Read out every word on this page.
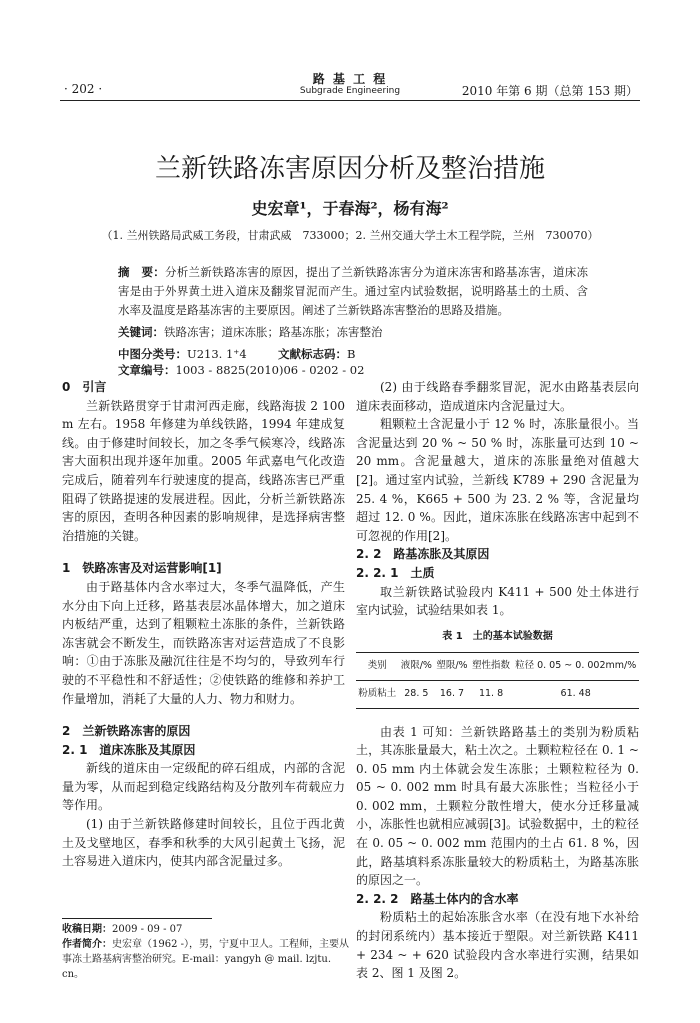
· 202 ·
路 基 工 程
Subgrade Engineering	2010 年第 6 期（总第 153 期）
兰新铁路冻害原因分析及整治措施
史宏章¹，于春海²，杨有海²
（1. 兰州铁路局武威工务段，甘肃武威　733000；2. 兰州交通大学土木工程学院，兰州　730070）
摘　要：分析兰新铁路冻害的原因，提出了兰新铁路冻害分为道床冻害和路基冻害，道床冻害是由于外界黄土进入道床及翻浆冒泥而产生。通过室内试验数据，说明路基土的土质、含水率及温度是路基冻害的主要原因。阐述了兰新铁路冻害整治的思路及措施。
关键词：铁路冻害；道床冻胀；路基冻胀；冻害整治
中图分类号：U213. 1⁺4	文献标志码：B文章编号：1003 - 8825(2010)06 - 0202 - 02
0　引言

兰新铁路贯穿于甘肃河西走廊，线路海拔 2 100 m 左右。1958 年修建为单线铁路，1994 年建成复线。由于修建时间较长，加之冬季气候寒冷，线路冻害大面积出现并逐年加重。2005 年武嘉电气化改造完成后，随着列车行驶速度的提高，线路冻害已严重阻碍了铁路提速的发展进程。因此，分析兰新铁路冻害的原因，查明各种因素的影响规律，是选择病害整治措施的关键。

1　铁路冻害及对运营影响[1]

由于路基体内含水率过大，冬季气温降低，产生水分由下向上迁移，路基表层冰晶体增大，加之道床内板结严重，达到了粗颗粒土冻胀的条件，兰新铁路冻害就会不断发生，而铁路冻害对运营造成了不良影响：①由于冻胀及融沉往往是不均匀的，导致列车行驶的不平稳性和不舒适性；②使铁路的维修和养护工作量增加，消耗了大量的人力、物力和财力。

2　兰新铁路冻害的原因
2. 1　道床冻胀及其原因

新线的道床由一定级配的碎石组成，内部的含泥量为零，从而起到稳定线路结构及分散列车荷载应力等作用。

(1) 由于兰新铁路修建时间较长，且位于西北黄土及戈壁地区，春季和秋季的大风引起黄土飞扬，泥土容易进入道床内，使其内部含泥量过多。

(2) 由于线路春季翻浆冒泥，泥水由路基表层向道床表面移动，造成道床内含泥量过大。

粗颗粒土含泥量小于 12 % 时，冻胀量很小。当含泥量达到 20 % ~ 50 % 时，冻胀量可达到 10 ~ 20 mm。含泥量越大，道床的冻胀量绝对值越大[2]。通过室内试验，兰新线 K789 + 290 含泥量为25. 4 %，K665 + 500 为 23. 2 % 等，含泥量均超过 12. 0 %。因此，道床冻胀在线路冻害中起到不可忽视的作用[2]。

2. 2　路基冻胀及其原因
2. 2. 1　土质

取兰新铁路试验段内 K411 + 500 处土体进行室内试验，试验结果如表 1。

表 1　土的基本试验数据
类别	液限/%	塑限/%	塑性指数	粒径 0. 05 ~ 0. 002mm/%
粉质粘土	28. 5	16. 7	11. 8	61. 48

由表 1 可知：兰新铁路路基土的类别为粉质粘土，其冻胀量最大，粘土次之。土颗粒粒径在 0. 1 ~ 0. 05 mm 内土体就会发生冻胀；土颗粒粒径为 0. 05 ~ 0. 002 mm 时具有最大冻胀性；当粒径小于 0. 002 mm，土颗粒分散性增大，使水分迁移量减小，冻胀性也就相应减弱[3]。试验数据中，土的粒径在 0. 05 ~ 0. 002 mm 范围内的土占 61. 8 %，因此，路基填料系冻胀量较大的粉质粘土，为路基冻胀的原因之一。

2. 2. 2　路基土体内的含水率

粉质粘土的起始冻胀含水率（在没有地下水补给的封闭系统内）基本接近于塑限。对兰新铁路 K411 + 234 ~ + 620 试验段内含水率进行实测，结果如表 2、图 1 及图 2。

收稿日期：2009 - 09 - 07
作者简介：史宏章（1962 -），男，宁夏中卫人。工程师，主要从事冻土路基病害整治研究。E-mail：yangyh @ mail. lzjtu. cn。
